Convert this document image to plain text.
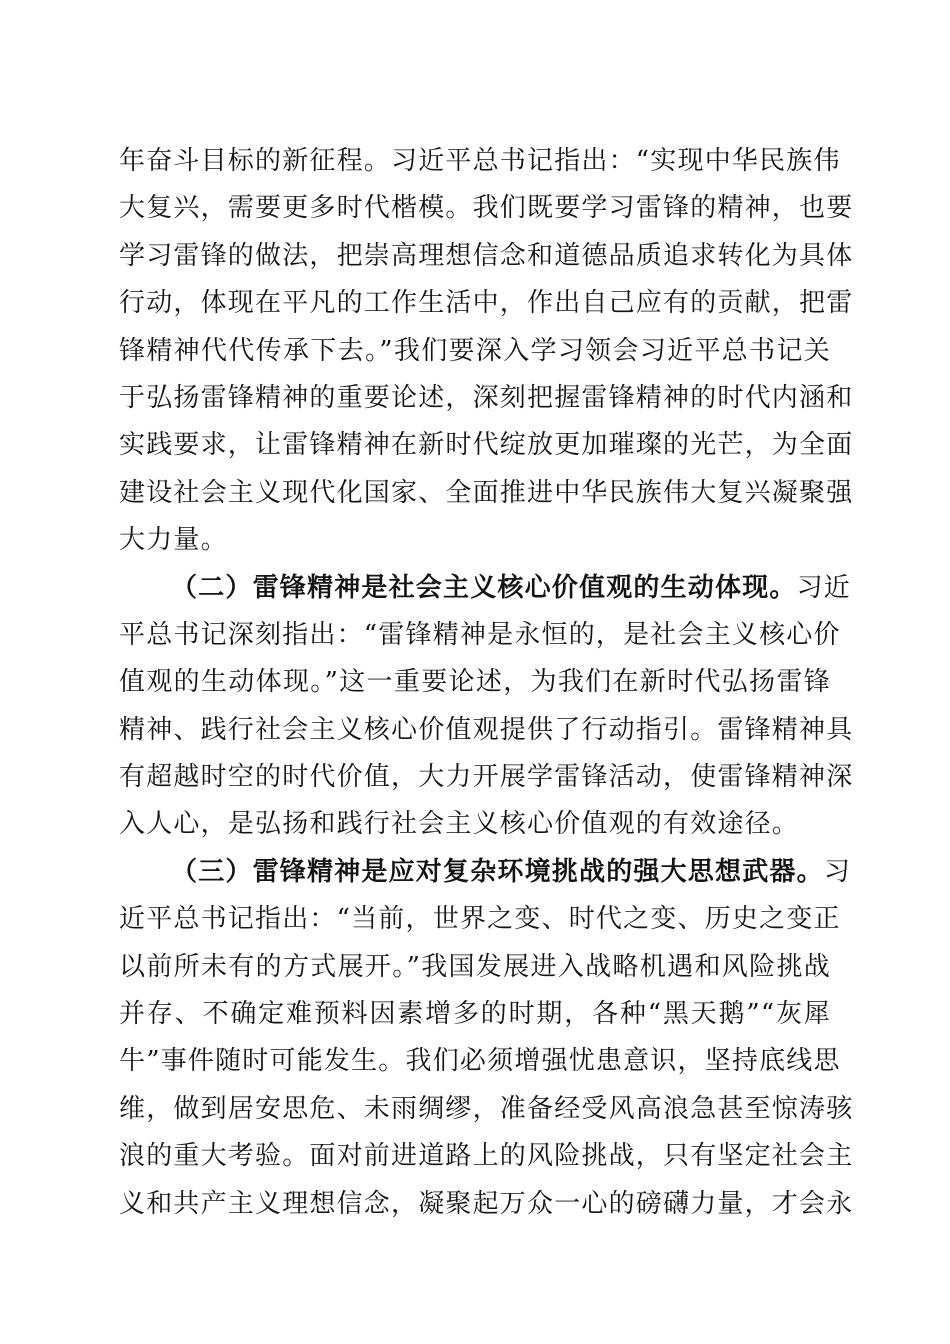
年奋斗目标的新征程。习近平总书记指出：“实现中华民族伟
大复兴，需要更多时代楷模。我们既要学习雷锋的精神，也要
学习雷锋的做法，把崇高理想信念和道德品质追求转化为具体
行动，体现在平凡的工作生活中，作出自己应有的贡献，把雷
锋精神代代传承下去。”我们要深入学习领会习近平总书记关
于弘扬雷锋精神的重要论述，深刻把握雷锋精神的时代内涵和
实践要求，让雷锋精神在新时代绽放更加璀璨的光芒，为全面
建设社会主义现代化国家、全面推进中华民族伟大复兴凝聚强
大力量。
（二）雷锋精神是社会主义核心价值观的生动体现。习近
平总书记深刻指出：“雷锋精神是永恒的，是社会主义核心价
值观的生动体现。”这一重要论述，为我们在新时代弘扬雷锋
精神、践行社会主义核心价值观提供了行动指引。雷锋精神具
有超越时空的时代价值，大力开展学雷锋活动，使雷锋精神深
入人心，是弘扬和践行社会主义核心价值观的有效途径。
（三）雷锋精神是应对复杂环境挑战的强大思想武器。习
近平总书记指出：“当前，世界之变、时代之变、历史之变正
以前所未有的方式展开。”我国发展进入战略机遇和风险挑战
并存、不确定难预料因素增多的时期，各种“黑天鹅”“灰犀
牛”事件随时可能发生。我们必须增强忧患意识，坚持底线思
维，做到居安思危、未雨绸缪，准备经受风高浪急甚至惊涛骇
浪的重大考验。面对前进道路上的风险挑战，只有坚定社会主
义和共产主义理想信念，凝聚起万众一心的磅礴力量，才会永
